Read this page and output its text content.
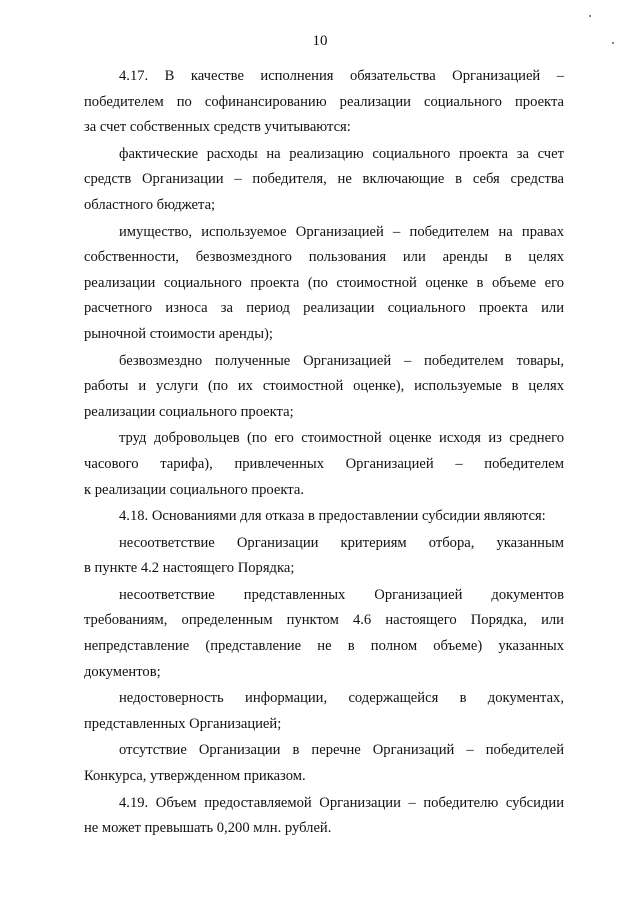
10

4.17. В качестве исполнения обязательства Организацией –
победителем по софинансированию реализации социального проекта
за счет собственных средств учитываются:

фактические расходы на реализацию социального проекта за счет
средств Организации – победителя, не включающие в себя средства
областного бюджета;

имущество, используемое Организацией – победителем на правах
собственности, безвозмездного пользования или аренды в целях
реализации социального проекта (по стоимостной оценке в объеме его
расчетного износа за период реализации социального проекта или
рыночной стоимости аренды);

безвозмездно полученные Организацией – победителем товары,
работы и услуги (по их стоимостной оценке), используемые в целях
реализации социального проекта;

труд добровольцев (по его стоимостной оценке исходя из среднего
часового тарифа), привлеченных Организацией – победителем
к реализации социального проекта.

4.18. Основаниями для отказа в предоставлении субсидии являются:

несоответствие Организации критериям отбора, указанным
в пункте 4.2 настоящего Порядка;

несоответствие представленных Организацией документов
требованиям, определенным пунктом 4.6 настоящего Порядка, или
непредставление (представление не в полном объеме) указанных
документов;

недостоверность информации, содержащейся в документах,
представленных Организацией;

отсутствие Организации в перечне Организаций – победителей
Конкурса, утвержденном приказом.

4.19. Объем предоставляемой Организации – победителю субсидии
не может превышать 0,200 млн. рублей.
